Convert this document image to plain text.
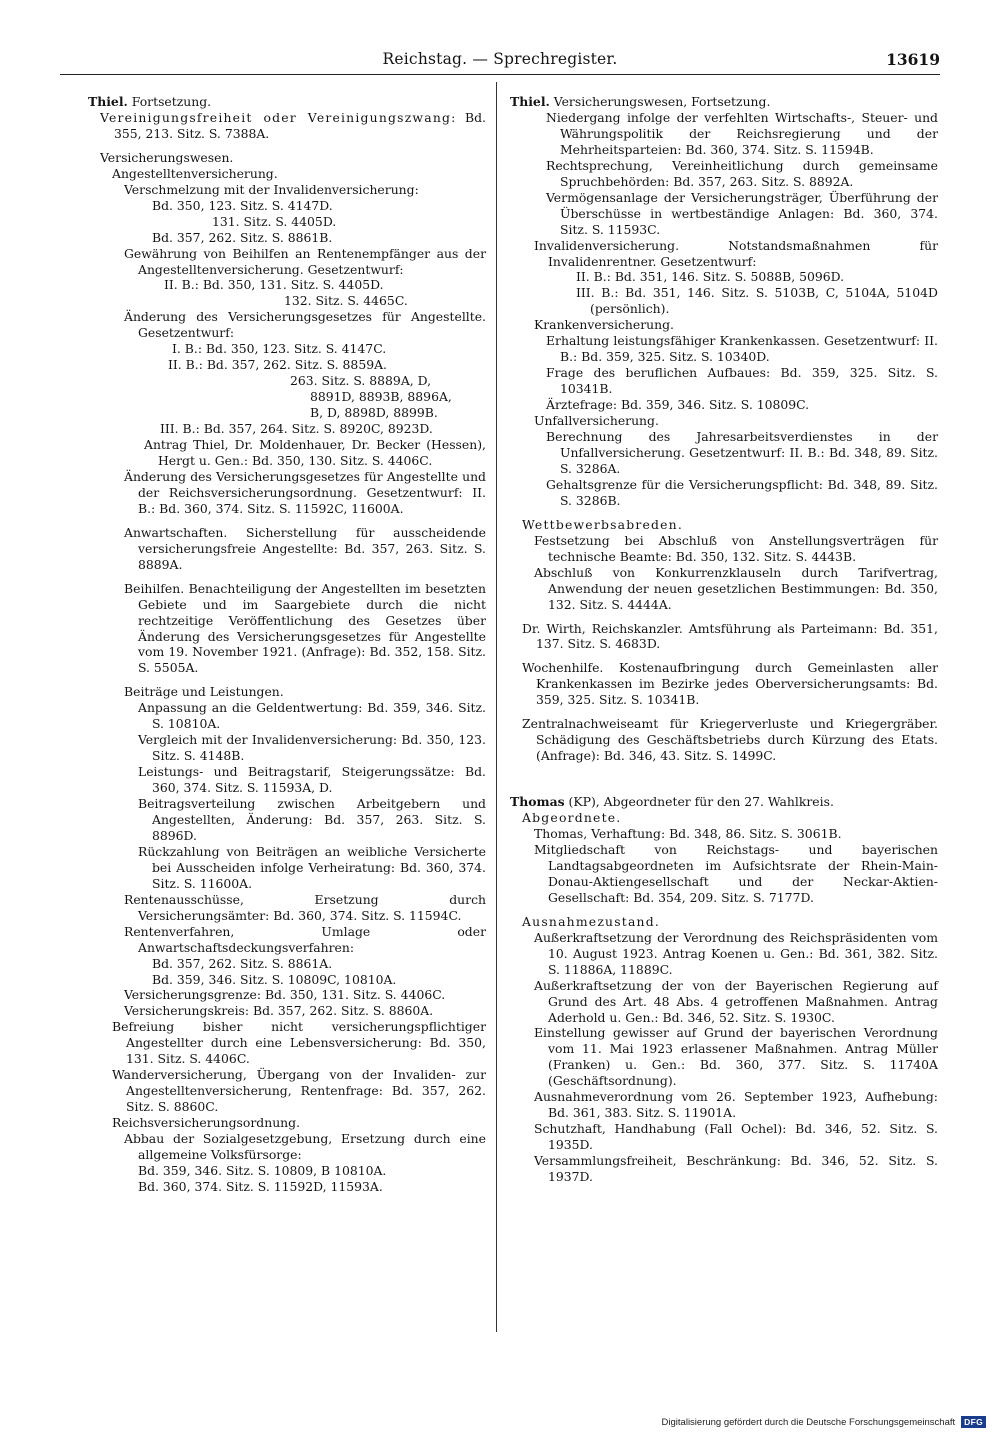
Reichstag. — Sprechregister.	13619
Thiel. Fortsetzung.
Vereinigungsfreiheit oder Vereinigungszwang: Bd. 355, 213. Sitz. S. 7388A.
Versicherungswesen.
Angestelltenversicherung.
Verschmelzung mit der Invalidenversicherung:
Bd. 350, 123. Sitz. S. 4147D.
131. Sitz. S. 4405D.
Bd. 357, 262. Sitz. S. 8861B.
Gewährung von Beihilfen an Rentenempfänger aus der Angestelltenversicherung. Gesetzentwurf:
II. B.: Bd. 350, 131. Sitz. S. 4405D.
132. Sitz. S. 4465C.
Änderung des Versicherungsgesetzes für Angestellte. Gesetzentwurf:
I. B.: Bd. 350, 123. Sitz. S. 4147C.
II. B.: Bd. 357, 262. Sitz. S. 8859A.
263. Sitz. S. 8889A, D,
8891D, 8893B, 8896A,
B, D, 8898D, 8899B.
III. B.: Bd. 357, 264. Sitz. S. 8920C, 8923D.
Antrag Thiel, Dr. Moldenhauer, Dr. Becker (Hessen), Hergt u. Gen.: Bd. 350, 130. Sitz. S. 4406C.
Änderung des Versicherungsgesetzes für Angestellte und der Reichsversicherungsordnung. Gesetzentwurf: II. B.: Bd. 360, 374. Sitz. S. 11592C, 11600A.
Anwartschaften. Sicherstellung für ausscheidende versicherungsfreie Angestellte: Bd. 357, 263. Sitz. S. 8889A.
Beihilfen. Benachteiligung der Angestellten im besetzten Gebiete und im Saargebiete durch die nicht rechtzeitige Veröffentlichung des Gesetzes über Änderung des Versicherungsgesetzes für Angestellte vom 19. November 1921. (Anfrage): Bd. 352, 158. Sitz. S. 5505A.
Beiträge und Leistungen.
Anpassung an die Geldentwertung: Bd. 359, 346. Sitz. S. 10810A.
Vergleich mit der Invalidenversicherung: Bd. 350, 123. Sitz. S. 4148B.
Leistungs- und Beitragstarif, Steigerungssätze: Bd. 360, 374. Sitz. S. 11593A, D.
Beitragsverteilung zwischen Arbeitgebern und Angestellten, Änderung: Bd. 357, 263. Sitz. S. 8896D.
Rückzahlung von Beiträgen an weibliche Versicherte bei Ausscheiden infolge Verheiratung: Bd. 360, 374. Sitz. S. 11600A.
Rentenausschüsse, Ersetzung durch Versicherungsämter: Bd. 360, 374. Sitz. S. 11594C.
Rentenverfahren, Umlage oder Anwartschaftsdeckungsverfahren:
Bd. 357, 262. Sitz. S. 8861A.
Bd. 359, 346. Sitz. S. 10809C, 10810A.
Versicherungsgrenze: Bd. 350, 131. Sitz. S. 4406C.
Versicherungskreis: Bd. 357, 262. Sitz. S. 8860A.
Befreiung bisher nicht versicherungspflichtiger Angestellter durch eine Lebensversicherung: Bd. 350, 131. Sitz. S. 4406C.
Wanderversicherung, Übergang von der Invaliden- zur Angestelltenversicherung, Rentenfrage: Bd. 357, 262. Sitz. S. 8860C.
Reichsversicherungsordnung.
Abbau der Sozialgesetzgebung, Ersetzung durch eine allgemeine Volksfürsorge:
Bd. 359, 346. Sitz. S. 10809, B 10810A.
Bd. 360, 374. Sitz. S. 11592D, 11593A.
Thiel. Versicherungswesen, Fortsetzung.
Niedergang infolge der verfehlten Wirtschafts-, Steuer- und Währungspolitik der Reichsregierung und der Mehrheitsparteien: Bd. 360, 374. Sitz. S. 11594B.
Rechtsprechung, Vereinheitlichung durch gemeinsame Spruchbehörden: Bd. 357, 263. Sitz. S. 8892A.
Vermögensanlage der Versicherungsträger, Überführung der Überschüsse in wertbeständige Anlagen: Bd. 360, 374. Sitz. S. 11593C.
Invalidenversicherung. Notstandsmaßnahmen für Invalidenrentner. Gesetzentwurf:
II. B.: Bd. 351, 146. Sitz. S. 5088B, 5096D.
III. B.: Bd. 351, 146. Sitz. S. 5103B, C, 5104A, 5104D (persönlich).
Krankenversicherung.
Erhaltung leistungsfähiger Krankenkassen. Gesetzentwurf: II. B.: Bd. 359, 325. Sitz. S. 10340D.
Frage des beruflichen Aufbaues: Bd. 359, 325. Sitz. S. 10341B.
Ärztefrage: Bd. 359, 346. Sitz. S. 10809C.
Unfallversicherung.
Berechnung des Jahresarbeitsverdienstes in der Unfallversicherung. Gesetzentwurf: II. B.: Bd. 348, 89. Sitz. S. 3286A.
Gehaltsgrenze für die Versicherungspflicht: Bd. 348, 89. Sitz. S. 3286B.
Wettbewerbsabreden.
Festsetzung bei Abschluß von Anstellungsverträgen für technische Beamte: Bd. 350, 132. Sitz. S. 4443B.
Abschluß von Konkurrenzklauseln durch Tarifvertrag, Anwendung der neuen gesetzlichen Bestimmungen: Bd. 350, 132. Sitz. S. 4444A.
Dr. Wirth, Reichskanzler. Amtsführung als Parteimann: Bd. 351, 137. Sitz. S. 4683D.
Wochenhilfe. Kostenaufbringung durch Gemeinlasten aller Krankenkassen im Bezirke jedes Oberversicherungsamts: Bd. 359, 325. Sitz. S. 10341B.
Zentralnachweiseamt für Kriegerverluste und Kriegergräber. Schädigung des Geschäftsbetriebs durch Kürzung des Etats. (Anfrage): Bd. 346, 43. Sitz. S. 1499C.
Thomas (KP), Abgeordneter für den 27. Wahlkreis.
Abgeordnete.
Thomas, Verhaftung: Bd. 348, 86. Sitz. S. 3061B.
Mitgliedschaft von Reichstags- und bayerischen Landtagsabgeordneten im Aufsichtsrate der Rhein-Main-Donau-Aktiengesellschaft und der Neckar-Aktien-Gesellschaft: Bd. 354, 209. Sitz. S. 7177D.
Ausnahmezustand.
Außerkraftsetzung der Verordnung des Reichspräsidenten vom 10. August 1923. Antrag Koenen u. Gen.: Bd. 361, 382. Sitz. S. 11886A, 11889C.
Außerkraftsetzung der von der Bayerischen Regierung auf Grund des Art. 48 Abs. 4 getroffenen Maßnahmen. Antrag Aderhold u. Gen.: Bd. 346, 52. Sitz. S. 1930C.
Einstellung gewisser auf Grund der bayerischen Verordnung vom 11. Mai 1923 erlassener Maßnahmen. Antrag Müller (Franken) u. Gen.: Bd. 360, 377. Sitz. S. 11740A (Geschäftsordnung).
Ausnahmeverordnung vom 26. September 1923, Aufhebung: Bd. 361, 383. Sitz. S. 11901A.
Schutzhaft, Handhabung (Fall Ochel): Bd. 346, 52. Sitz. S. 1935D.
Versammlungsfreiheit, Beschränkung: Bd. 346, 52. Sitz. S. 1937D.
Digitalisierung gefördert durch die Deutsche Forschungsgemeinschaft	DFG
